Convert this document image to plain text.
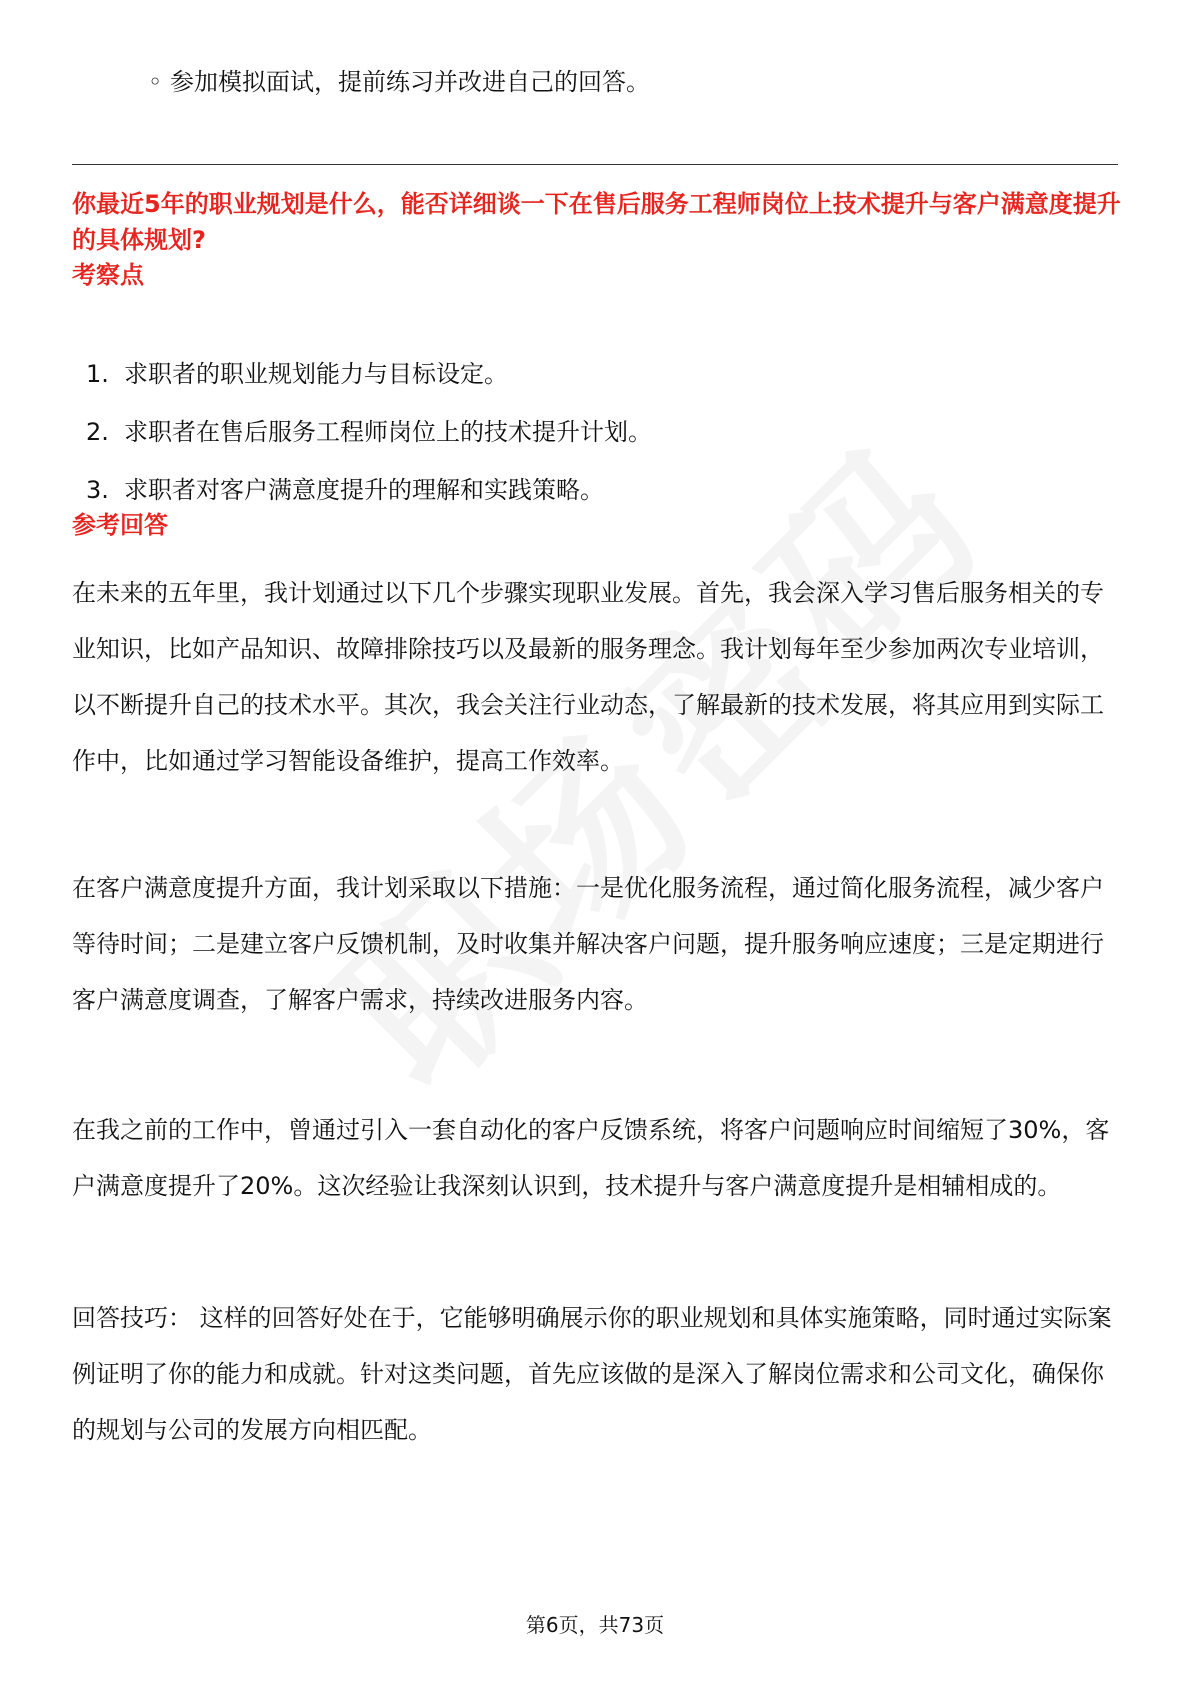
◦ 参加模拟面试，提前练习并改进自己的回答。
你最近5年的职业规划是什么，能否详细谈一下在售后服务工程师岗位上技术提升与客户满意度提升的具体规划?
考察点
1. 求职者的职业规划能力与目标设定。
2. 求职者在售后服务工程师岗位上的技术提升计划。
3. 求职者对客户满意度提升的理解和实践策略。
参考回答

在未来的五年里，我计划通过以下几个步骤实现职业发展。首先，我会深入学习售后服务相关的专业知识，比如产品知识、故障排除技巧以及最新的服务理念。我计划每年至少参加两次专业培训，以不断提升自己的技术水平。其次，我会关注行业动态，了解最新的技术发展，将其应用到实际工作中，比如通过学习智能设备维护，提高工作效率。

在客户满意度提升方面，我计划采取以下措施：一是优化服务流程，通过简化服务流程，减少客户等待时间；二是建立客户反馈机制，及时收集并解决客户问题，提升服务响应速度；三是定期进行客户满意度调查，了解客户需求，持续改进服务内容。

在我之前的工作中，曾通过引入一套自动化的客户反馈系统，将客户问题响应时间缩短了30%，客户满意度提升了20%。这次经验让我深刻认识到，技术提升与客户满意度提升是相辅相成的。

回答技巧： 这样的回答好处在于，它能够明确展示你的职业规划和具体实施策略，同时通过实际案例证明了你的能力和成就。针对这类问题，首先应该做的是深入了解岗位需求和公司文化，确保你的规划与公司的发展方向相匹配。

第6页，共73页
